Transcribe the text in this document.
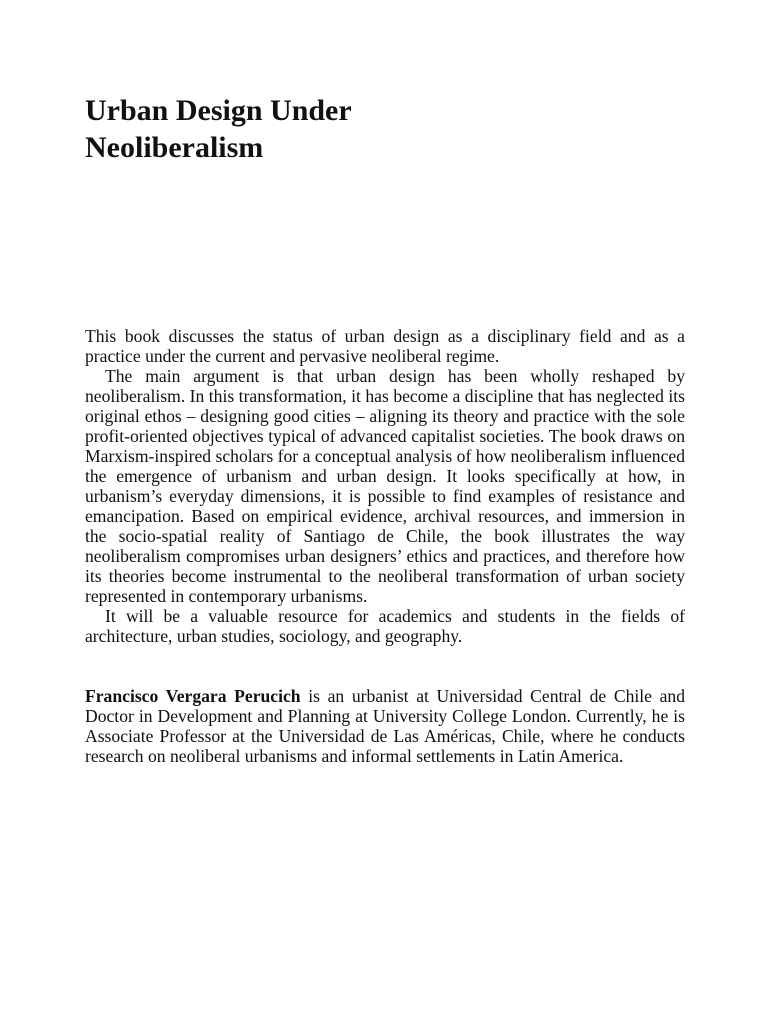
Urban Design Under
Neoliberalism

This book discusses the status of urban design as a disciplinary field and as a practice under the current and pervasive neoliberal regime.

The main argument is that urban design has been wholly reshaped by neoliberalism. In this transformation, it has become a discipline that has neglected its original ethos – designing good cities – aligning its theory and practice with the sole profit-oriented objectives typical of advanced capitalist societies. The book draws on Marxism-inspired scholars for a conceptual analysis of how neoliberalism influenced the emergence of urbanism and urban design. It looks specifically at how, in urbanism’s everyday dimensions, it is possible to find examples of resistance and emancipation. Based on empirical evidence, archival resources, and immersion in the socio-spatial reality of Santiago de Chile, the book illustrates the way neoliberalism compromises urban designers’ ethics and practices, and therefore how its theories become instrumental to the neoliberal transformation of urban society represented in contemporary urbanisms.

It will be a valuable resource for academics and students in the fields of architecture, urban studies, sociology, and geography.

Francisco Vergara Perucich is an urbanist at Universidad Central de Chile and Doctor in Development and Planning at University College London. Currently, he is Associate Professor at the Universidad de Las Américas, Chile, where he conducts research on neoliberal urbanisms and informal settlements in Latin America.
